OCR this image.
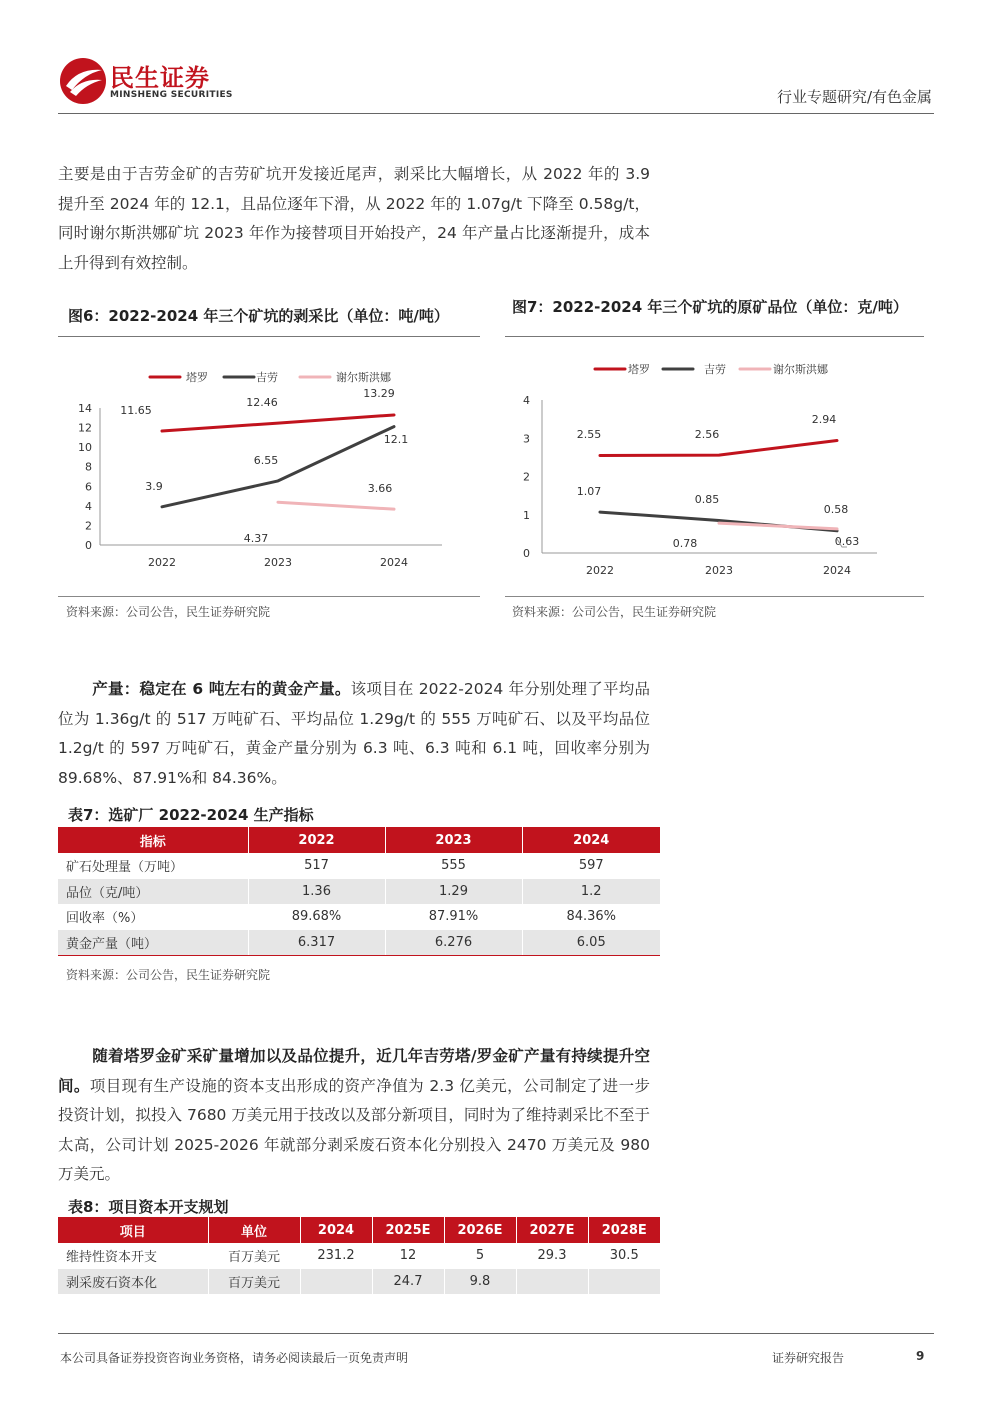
民生证券
MINSHENG SECURITIES	行业专题研究/有色金属
主要是由于吉劳金矿的吉劳矿坑开发接近尾声，剥采比大幅增长，从 2022 年的 3.9 提升至 2024 年的 12.1，且品位逐年下滑，从 2022 年的 1.07g/t 下降至 0.58g/t，同时谢尔斯洪娜矿坑 2023 年作为接替项目开始投产，24 年产量占比逐渐提升，成本上升得到有效控制。
图6：2022-2024 年三个矿坑的剥采比（单位：吨/吨）
0
2
4
6
8
10
12
14
2022	2023	2024
11.65
12.46
13.29
塔罗
3.9
6.55
12.1
吉劳
4.37
3.66
谢尔斯洪娜
资料来源：公司公告，民生证券研究院
图7：2022-2024 年三个矿坑的原矿品位（单位：克/吨）
0
1
2
3
4
2022	2023	2024
2.55	2.56
2.94
塔罗
1.07
0.85
0.58
吉劳
0.78	0.63
谢尔斯洪娜
资料来源：公司公告，民生证券研究院
产量：稳定在 6 吨左右的黄金产量。该项目在 2022-2024 年分别处理了平均品位为 1.36g/t 的 517 万吨矿石、平均品位 1.29g/t 的 555 万吨矿石、以及平均品位 1.2g/t 的 597 万吨矿石，黄金产量分别为 6.3 吨、6.3 吨和 6.1 吨，回收率分别为 89.68%、87.91%和 84.36%。
表7：选矿厂 2022-2024 生产指标
指标	2022	2023	2024
矿石处理量（万吨）	517	555	597
品位（克/吨）	1.36	1.29	1.2
回收率（%）	89.68%	87.91%	84.36%
黄金产量（吨）	6.317	6.276	6.05
资料来源：公司公告，民生证券研究院
随着塔罗金矿采矿量增加以及品位提升，近几年吉劳塔/罗金矿产量有持续提升空间。项目现有生产设施的资本支出形成的资产净值为 2.3 亿美元，公司制定了进一步投资计划，拟投入 7680 万美元用于技改以及部分新项目，同时为了维持剥采比不至于太高，公司计划 2025-2026 年就部分剥采废石资本化分别投入 2470 万美元及 980 万美元。
表8：项目资本开支规划
项目	单位	2024	2025E	2026E	2027E	2028E
维持性资本开支	百万美元	231.2	12	5	29.3	30.5
剥采废石资本化	百万美元		24.7	9.8		
本公司具备证券投资咨询业务资格，请务必阅读最后一页免责声明	证券研究报告	9
